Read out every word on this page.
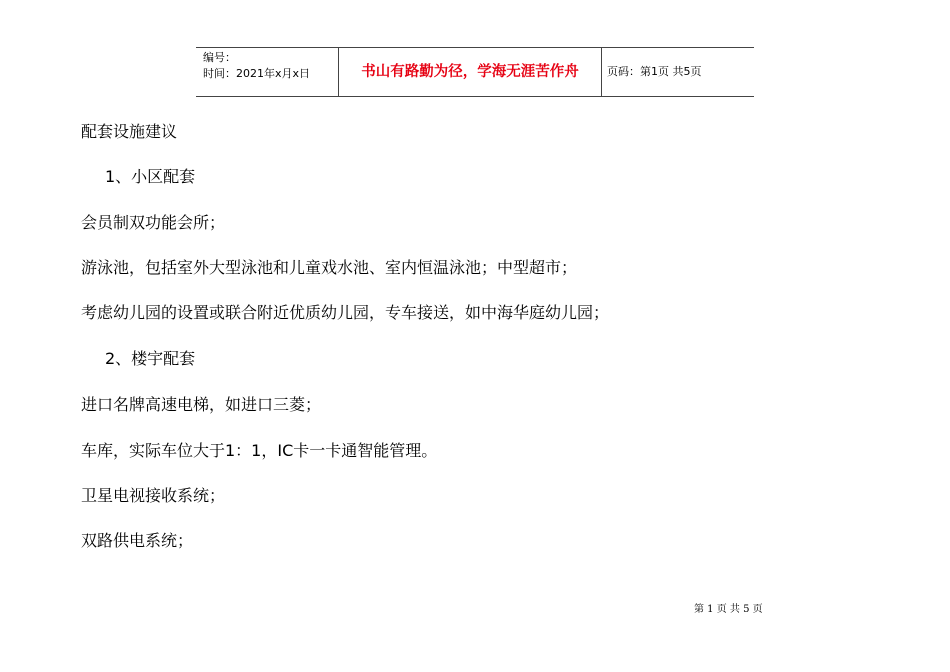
编号：
时间：2021年x月x日	书山有路勤为径，学海无涯苦作舟	页码：第1页 共5页
配套设施建议
1、小区配套
会员制双功能会所；
游泳池，包括室外大型泳池和儿童戏水池、室内恒温泳池；中型超市；
考虑幼儿园的设置或联合附近优质幼儿园，专车接送，如中海华庭幼儿园；
2、楼宇配套
进口名牌高速电梯，如进口三菱；
车库，实际车位大于1：1，IC卡一卡通智能管理。
卫星电视接收系统；
双路供电系统；
第 1 页 共 5 页
